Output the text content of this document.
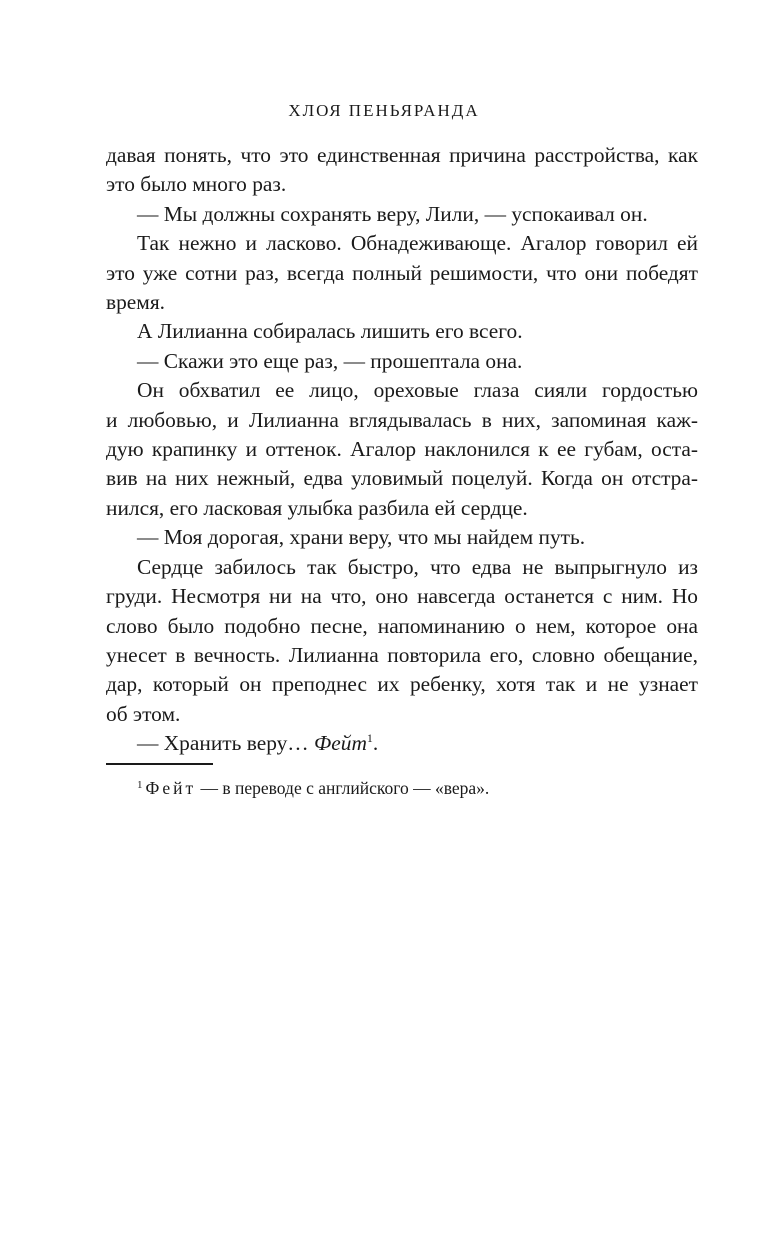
ХЛОЯ ПЕНЬЯРАНДА
давая понять, что это единственная причина расстройства, как
это было много раз.
— Мы должны сохранять веру, Лили, — успокаивал он.
Так нежно и ласково. Обнадеживающе. Агалор говорил ей
это уже сотни раз, всегда полный решимости, что они победят
время.
А Лилианна собиралась лишить его всего.
— Скажи это еще раз, — прошептала она.
Он обхватил ее лицо, ореховые глаза сияли гордостью
и любовью, и Лилианна вглядывалась в них, запоминая каж-
дую крапинку и оттенок. Агалор наклонился к ее губам, оста-
вив на них нежный, едва уловимый поцелуй. Когда он отстра-
нился, его ласковая улыбка разбила ей сердце.
— Моя дорогая, храни веру, что мы найдем путь.
Сердце забилось так быстро, что едва не выпрыгнуло из
груди. Несмотря ни на что, оно навсегда останется с ним. Но
слово было подобно песне, напоминанию о нем, которое она
унесет в вечность. Лилианна повторила его, словно обещание,
дар, который он преподнес их ребенку, хотя так и не узнает
об этом.
— Хранить веру… Фейт$^1$.
$^1$ Фейт — в переводе с английского — «вера».
